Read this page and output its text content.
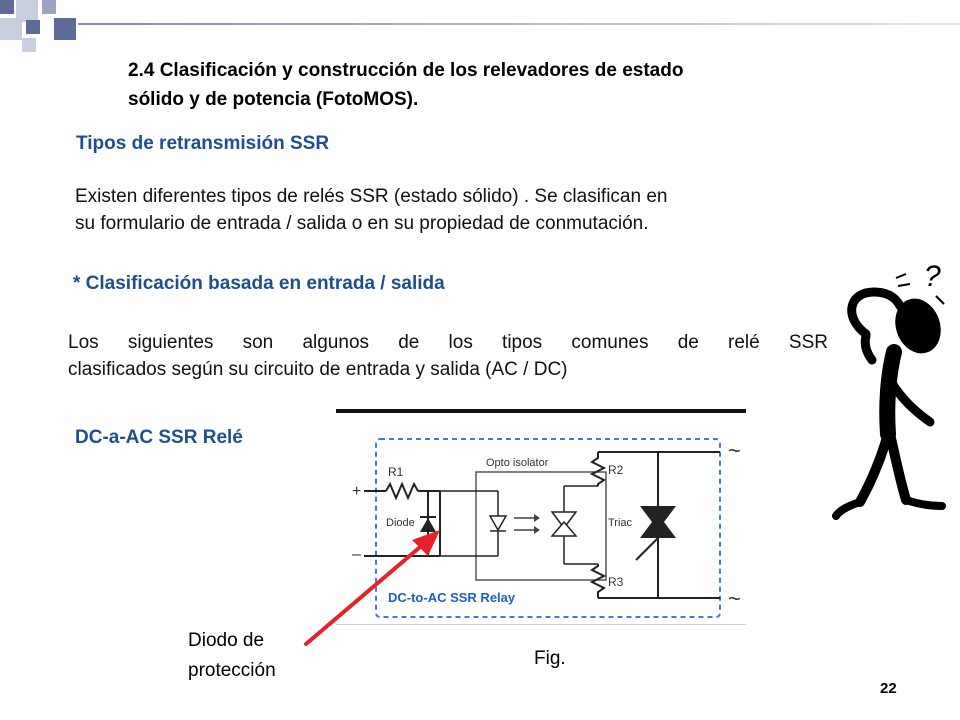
2.4 Clasificación y construcción de los relevadores de estado
sólido y de potencia (FotoMOS).
Tipos de retransmisión SSR
Existen diferentes tipos de relés SSR (estado sólido) . Se clasifican en
su formulario de entrada / salida o en su propiedad de conmutación.
* Clasificación basada en entrada / salida
Los siguientes son algunos de los tipos comunes de relé SSR
clasificados según su circuito de entrada y salida (AC / DC)
DC-a-AC SSR Relé
+
–
R1
Diode
Opto isolator	R2
R3
Triac
~
~
DC-to-AC SSR Relay
Diodo de
protección
Fig.
?
22
